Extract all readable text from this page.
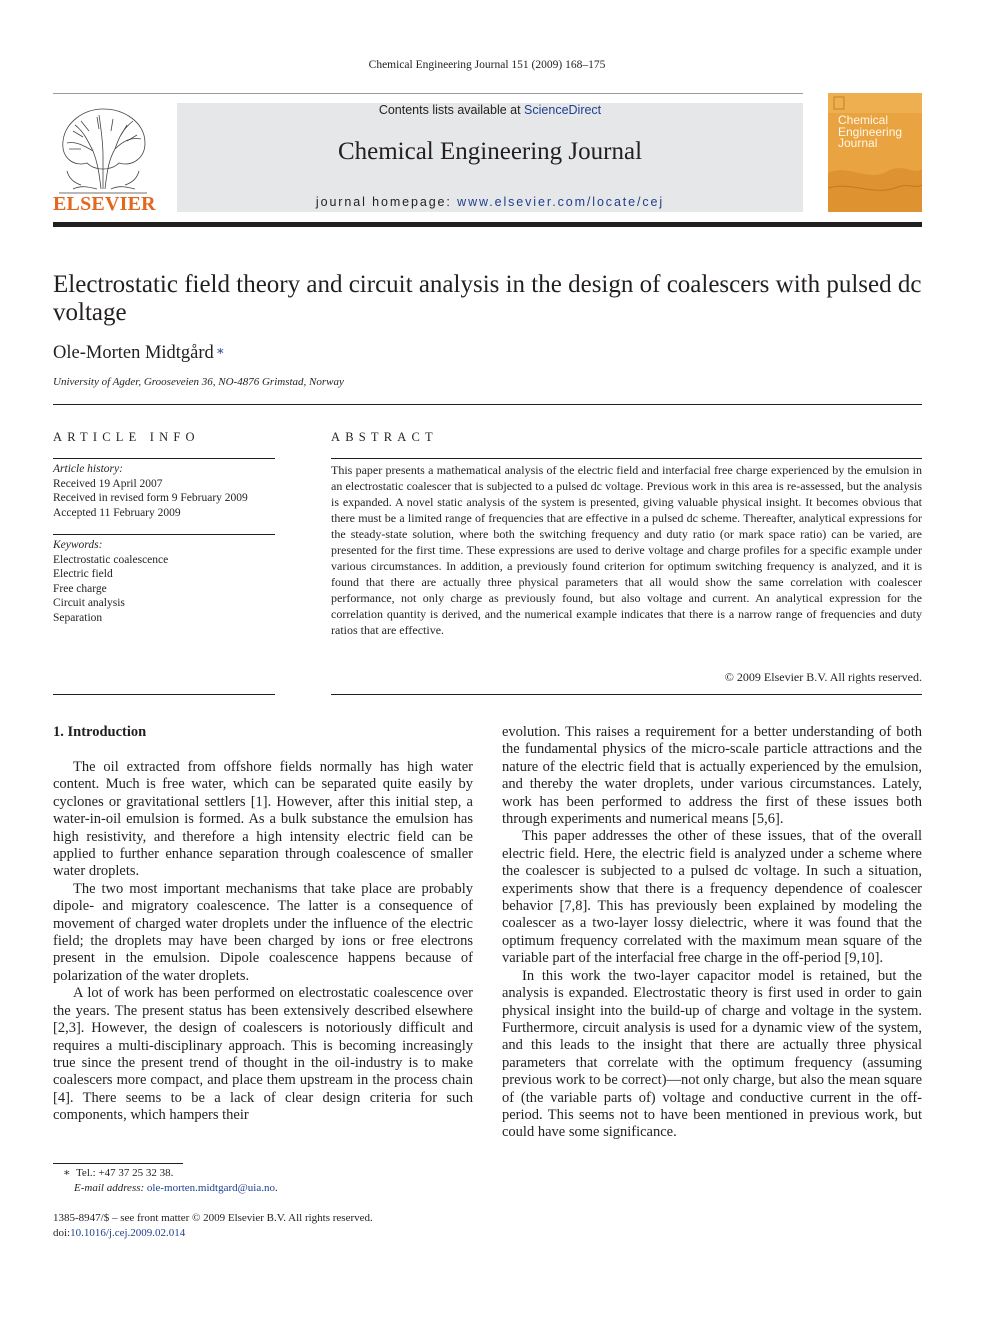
Chemical Engineering Journal 151 (2009) 168–175
ELSEVIER
Contents lists available at ScienceDirect
Chemical Engineering Journal
journal homepage: www.elsevier.com/locate/cej
Chemical Engineering Journal
Electrostatic field theory and circuit analysis in the design of coalescers with pulsed dc voltage
Ole-Morten Midtgård ∗
University of Agder, Grooseveien 36, NO-4876 Grimstad, Norway
ARTICLE INFO	ABSTRACT
Article history:
Received 19 April 2007
Received in revised form 9 February 2009
Accepted 11 February 2009
Keywords:
Electrostatic coalescence
Electric field
Free charge
Circuit analysis
Separation
This paper presents a mathematical analysis of the electric field and interfacial free charge experienced by the emulsion in an electrostatic coalescer that is subjected to a pulsed dc voltage. Previous work in this area is re-assessed, but the analysis is expanded. A novel static analysis of the system is presented, giving valuable physical insight. It becomes obvious that there must be a limited range of frequencies that are effective in a pulsed dc scheme. Thereafter, analytical expressions for the steady-state solution, where both the switching frequency and duty ratio (or mark space ratio) can be varied, are presented for the first time. These expressions are used to derive voltage and charge profiles for a specific example under various circumstances. In addition, a previously found criterion for optimum switching frequency is analyzed, and it is found that there are actually three physical parameters that all would show the same correlation with coalescer performance, not only charge as previously found, but also voltage and current. An analytical expression for the correlation quantity is derived, and the numerical example indicates that there is a narrow range of frequencies and duty ratios that are effective.
© 2009 Elsevier B.V. All rights reserved.
1. Introduction

The oil extracted from offshore fields normally has high water content. Much is free water, which can be separated quite easily by cyclones or gravitational settlers [1]. However, after this initial step, a water-in-oil emulsion is formed. As a bulk substance the emulsion has high resistivity, and therefore a high intensity electric field can be applied to further enhance separation through coalescence of smaller water droplets.

The two most important mechanisms that take place are probably dipole- and migratory coalescence. The latter is a consequence of movement of charged water droplets under the influence of the electric field; the droplets may have been charged by ions or free electrons present in the emulsion. Dipole coalescence happens because of polarization of the water droplets.

A lot of work has been performed on electrostatic coalescence over the years. The present status has been extensively described elsewhere [2,3]. However, the design of coalescers is notoriously difficult and requires a multi-disciplinary approach. This is becoming increasingly true since the present trend of thought in the oil-industry is to make coalescers more compact, and place them upstream in the process chain [4]. There seems to be a lack of clear design criteria for such components, which hampers their

evolution. This raises a requirement for a better understanding of both the fundamental physics of the micro-scale particle attractions and the nature of the electric field that is actually experienced by the emulsion, and thereby the water droplets, under various circumstances. Lately, work has been performed to address the first of these issues both through experiments and numerical means [5,6].

This paper addresses the other of these issues, that of the overall electric field. Here, the electric field is analyzed under a scheme where the coalescer is subjected to a pulsed dc voltage. In such a situation, experiments show that there is a frequency dependence of coalescer behavior [7,8]. This has previously been explained by modeling the coalescer as a two-layer lossy dielectric, where it was found that the optimum frequency correlated with the maximum mean square of the variable part of the interfacial free charge in the off-period [9,10].

In this work the two-layer capacitor model is retained, but the analysis is expanded. Electrostatic theory is first used in order to gain physical insight into the build-up of charge and voltage in the system. Furthermore, circuit analysis is used for a dynamic view of the system, and this leads to the insight that there are actually three physical parameters that correlate with the optimum frequency (assuming previous work to be correct)—not only charge, but also the mean square of (the variable parts of) voltage and conductive current in the off-period. This seems not to have been mentioned in previous work, but could have some significance.

∗ Tel.: +47 37 25 32 38.
E-mail address: ole-morten.midtgard@uia.no.
1385-8947/$ – see front matter © 2009 Elsevier B.V. All rights reserved.
doi:10.1016/j.cej.2009.02.014
